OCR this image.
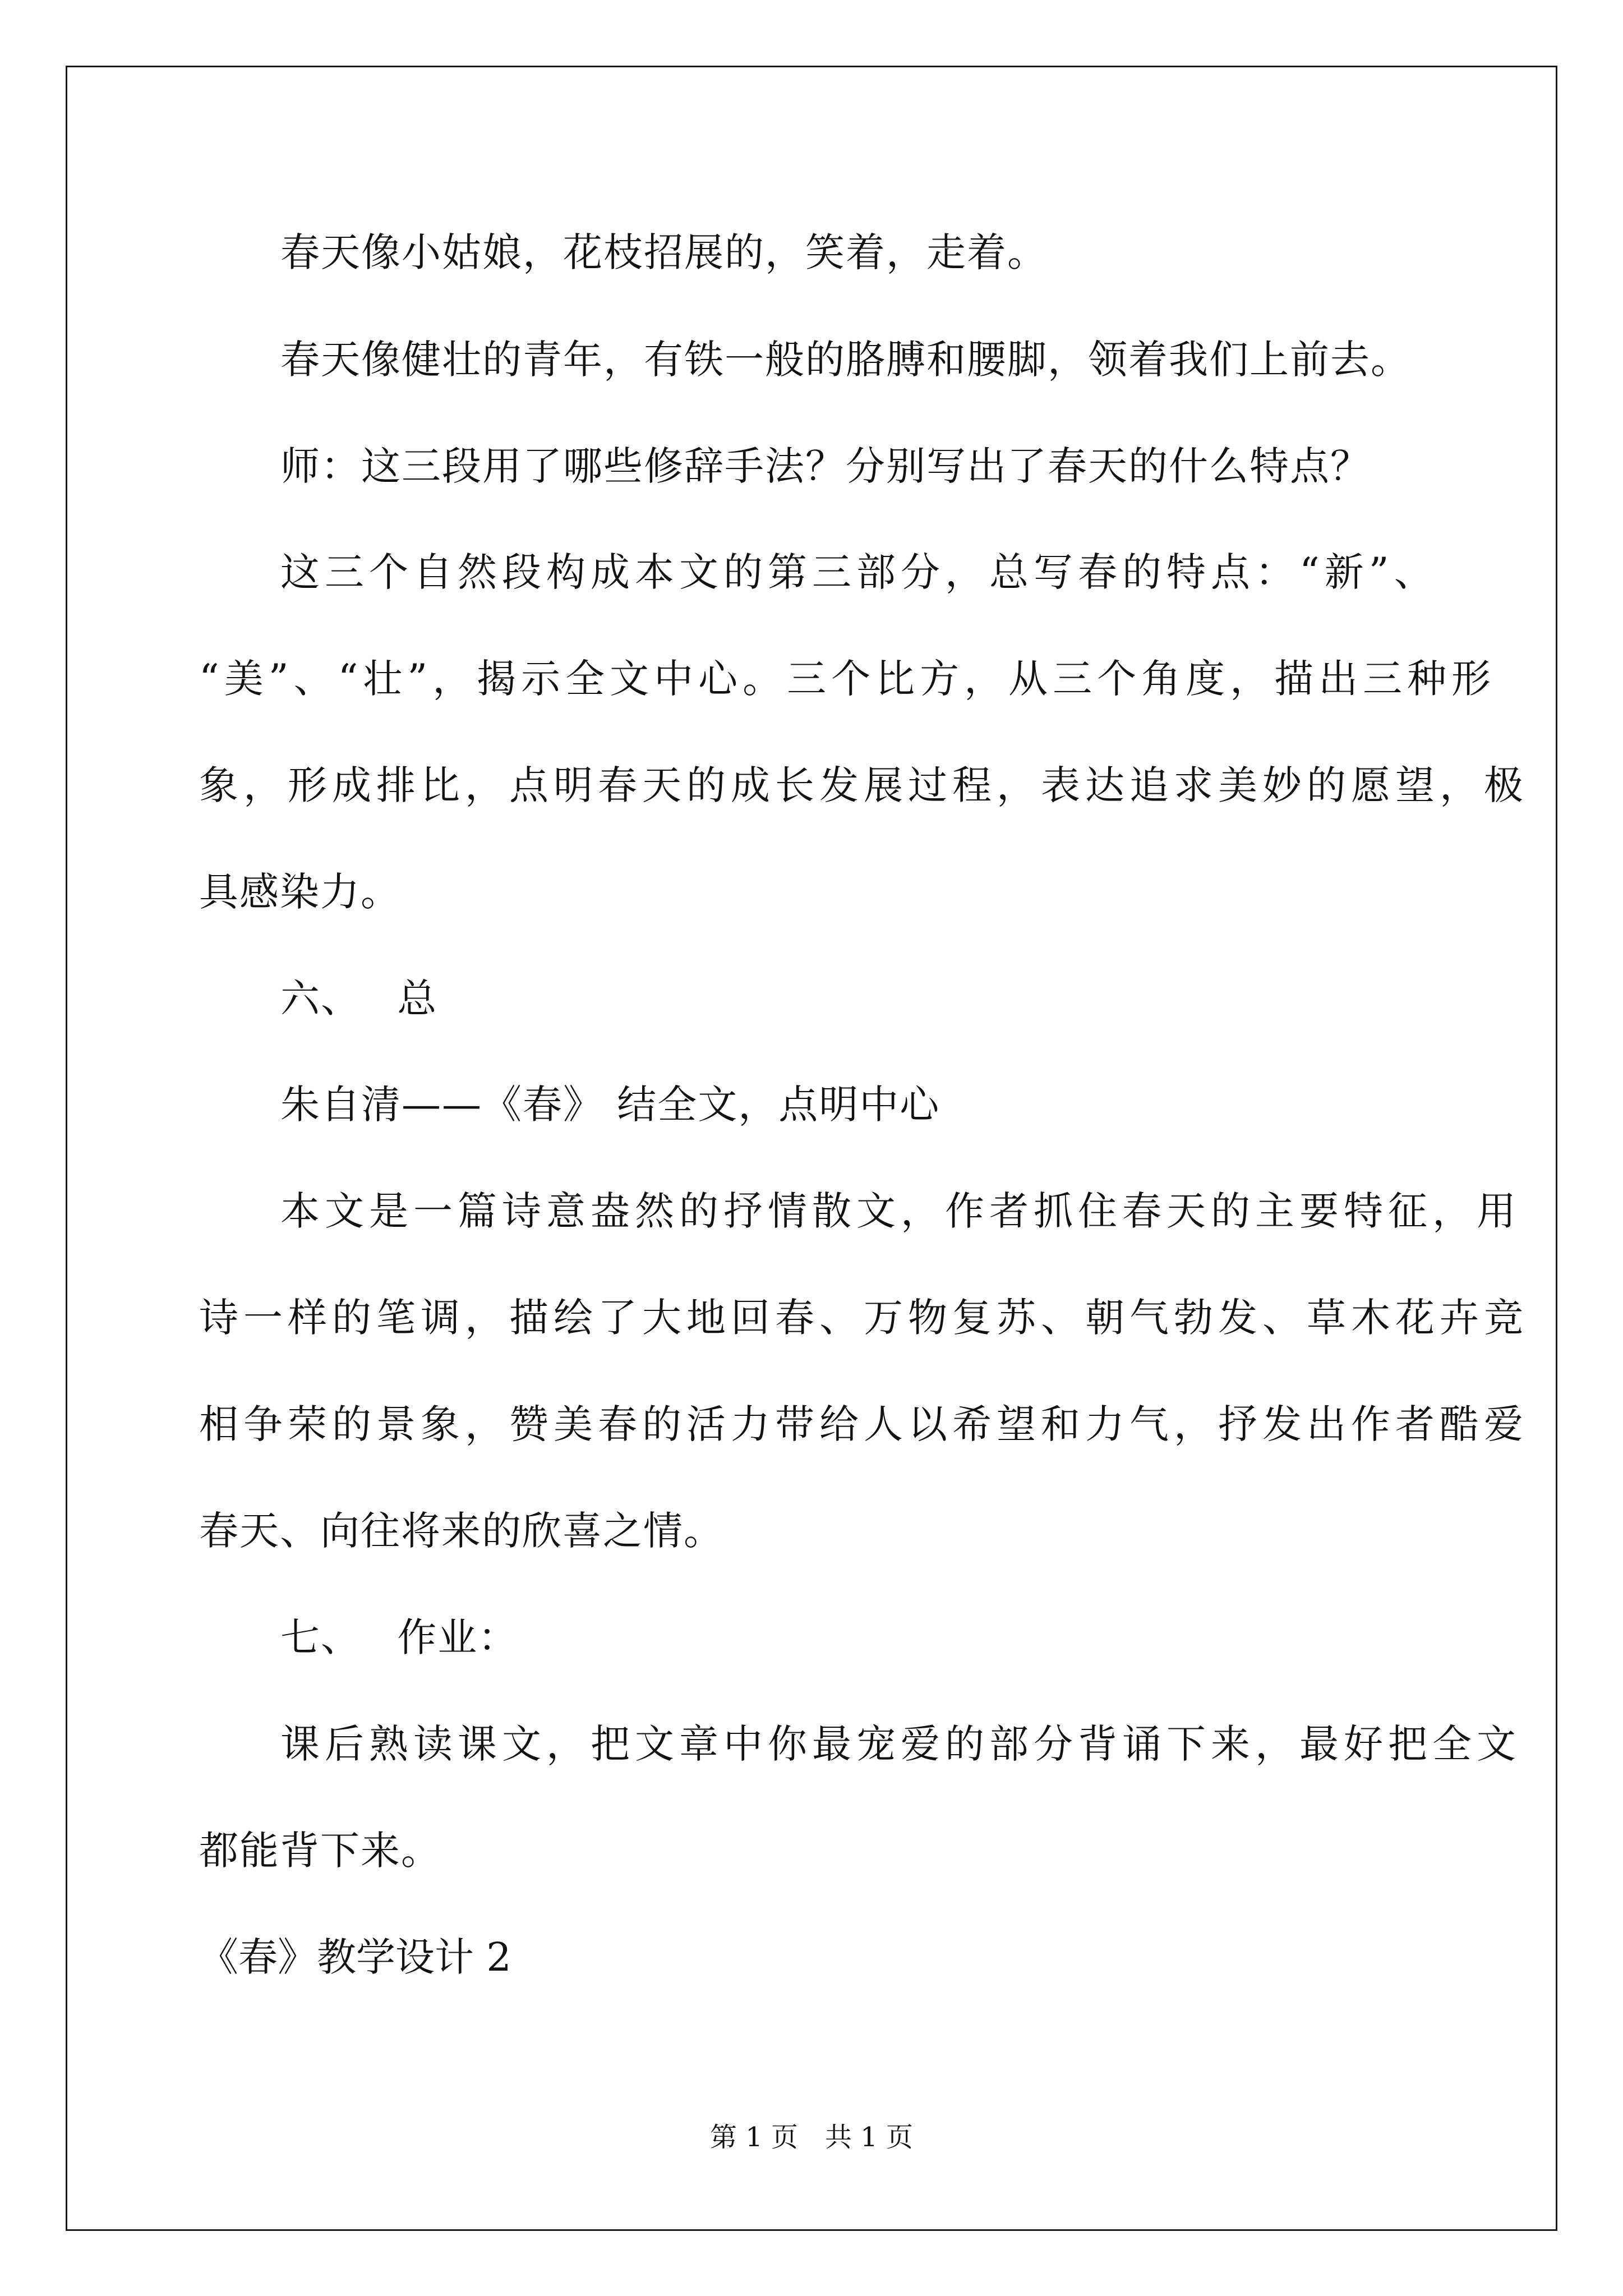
春天像小姑娘，花枝招展的，笑着，走着。
春天像健壮的青年，有铁一般的胳膊和腰脚，领着我们上前去。
师：这三段用了哪些修辞手法？分别写出了春天的什么特点？
这三个自然段构成本文的第三部分，总写春的特点：“新”、
“美”、“壮”，揭示全文中心。三个比方，从三个角度，描出三种形
象，形成排比，点明春天的成长发展过程，表达追求美妙的愿望，极
具感染力。
六、 总
朱自清——《春》 结全文，点明中心
本文是一篇诗意盎然的抒情散文，作者抓住春天的主要特征，用
诗一样的笔调，描绘了大地回春、万物复苏、朝气勃发、草木花卉竞
相争荣的景象，赞美春的活力带给人以希望和力气，抒发出作者酷爱
春天、向往将来的欣喜之情。
七、 作业：
课后熟读课文，把文章中你最宠爱的部分背诵下来，最好把全文
都能背下来。
《春》教学设计 2
第 1 页　共 1 页
